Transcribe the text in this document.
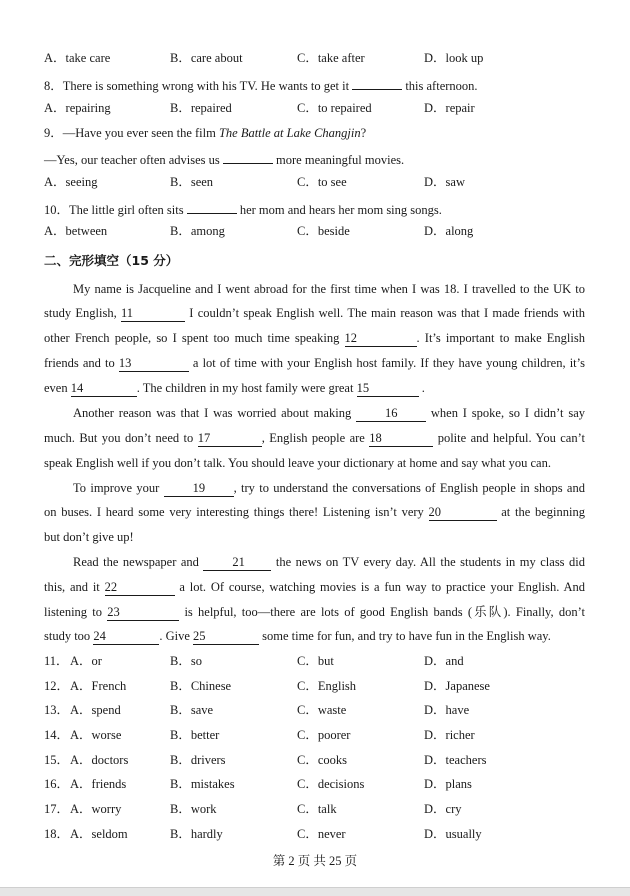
A．take care	B．care about	C．take after	D．look up
8．There is something wrong with his TV. He wants to get it	this afternoon.
A．repairing	B．repaired	C．to repaired	D．repair
9．—Have you ever seen the film The Battle at Lake Changjin?
—Yes, our teacher often advises us	more meaningful movies.
A．seeing	B．seen	C．to see	D．saw
10．The little girl often sits	her mom and hears her mom sing songs.
A．between	B．among	C．beside	D．along
二、完形填空（15 分）
My name is Jacqueline and I went abroad for the first time when I was 18. I travelled to the UK to
study English, 11	I couldn’t speak English well. The main reason was that I made friends with
other French people, so I spent too much time speaking 12	. It’s important to make English
friends and to 13	a lot of time with your English host family. If they have young children, it’s
even 14	. The children in my host family were great 15	.
Another reason was that I was worried about making 16 when I spoke, so I didn’t say
much. But you don’t need to 17	, English people are 18	polite and helpful. You can’t
speak English well if you don’t talk. You should leave your dictionary at home and say what you can.
To improve your 19 , try to understand the conversations of English people in shops and
on buses. I heard some very interesting things there! Listening isn’t very 20	at the beginning
but don’t give up!
Read the newspaper and 21 the news on TV every day. All the students in my class did
this, and it 22	a lot. Of course, watching movies is a fun way to practice your English. And
listening to 23	is helpful, too—there are lots of good English bands (乐队). Finally, don’t
study too 24	. Give 25	some time for fun, and try to have fun in the English way.
11． A．or	B．so	C．but	D．and
12． A．French	B．Chinese	C．English	D．Japanese
13． A．spend	B．save	C．waste	D．have
14． A．worse	B．better	C．poorer	D．richer
15． A．doctors	B．drivers	C．cooks	D．teachers
16． A．friends	B．mistakes	C．decisions	D．plans
17． A．worry	B．work	C．talk	D．cry
18． A．seldom	B．hardly	C．never	D．usually
第 2 页 共 25 页
